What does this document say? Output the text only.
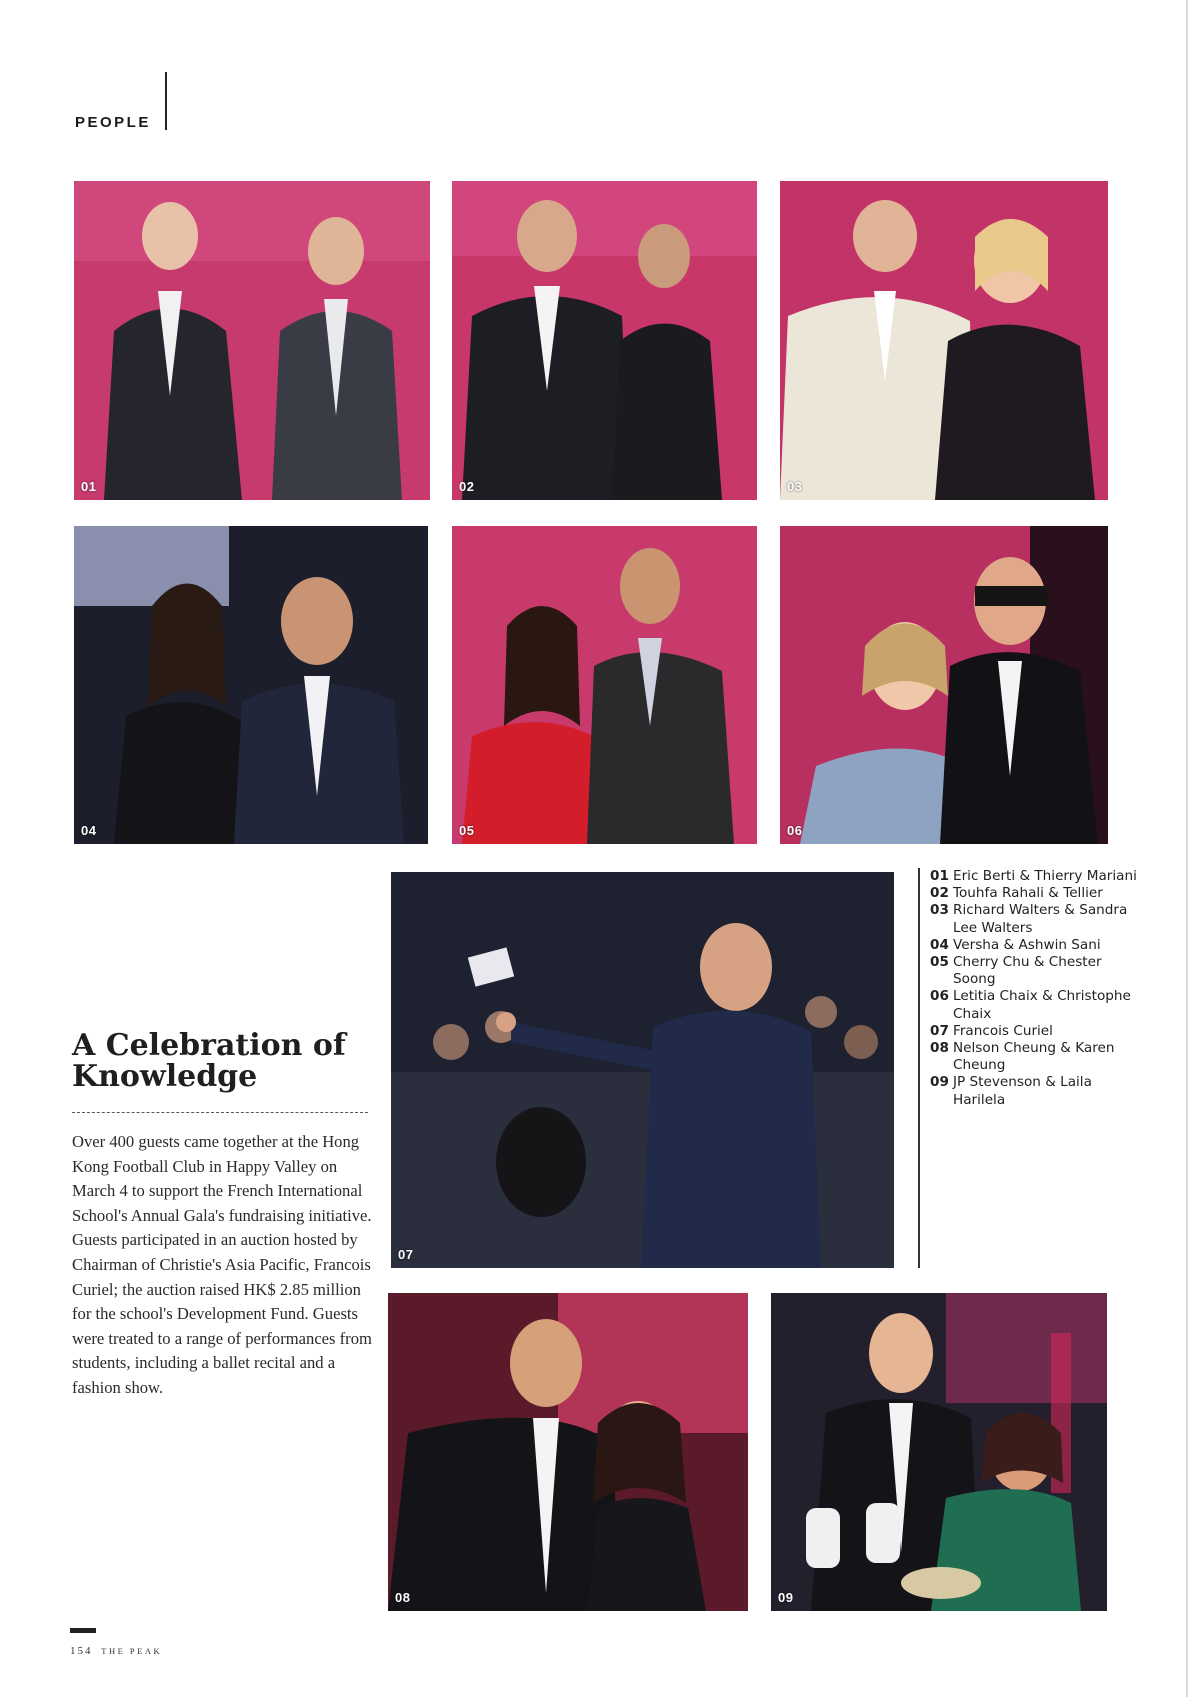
PEOPLE
01	02	03
04	05	06
07
08	09
01 Eric Berti & Thierry Mariani
02 Touhfa Rahali & Tellier
03 Richard Walters & Sandra Lee Walters
04 Versha & Ashwin Sani
05 Cherry Chu & Chester Soong
06 Letitia Chaix & Christophe Chaix
07 Francois Curiel
08 Nelson Cheung & Karen Cheung
09 JP Stevenson & Laila Harilela
A Celebration of Knowledge
Over 400 guests came together at the Hong Kong Football Club in Happy Valley on March 4 to support the French International School's Annual Gala's fundraising initiative. Guests participated in an auction hosted by Chairman of Christie's Asia Pacific, Francois Curiel; the auction raised HK$ 2.85 million for the school's Development Fund. Guests were treated to a range of performances from students, including a ballet recital and a fashion show.
154 THE PEAK
